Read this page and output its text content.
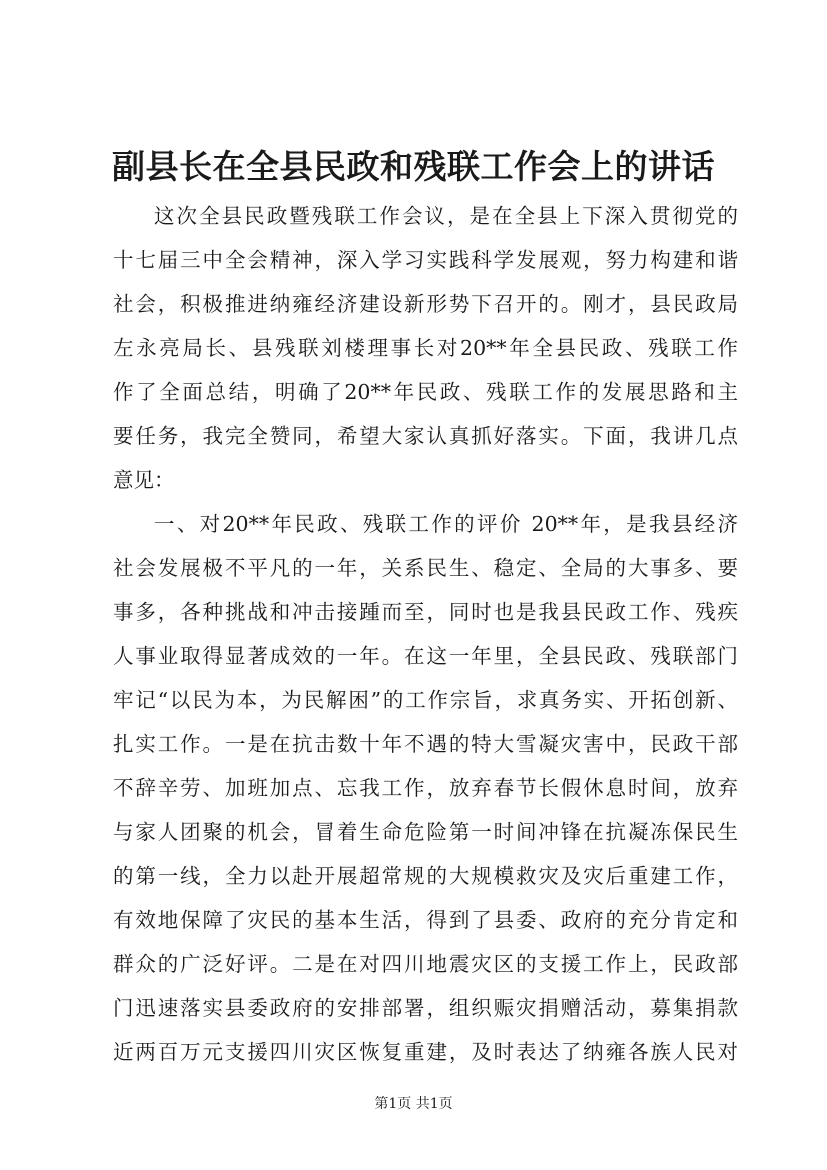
副县长在全县民政和残联工作会上的讲话
这次全县民政暨残联工作会议，是在全县上下深入贯彻党的
十七届三中全会精神，深入学习实践科学发展观，努力构建和谐
社会，积极推进纳雍经济建设新形势下召开的。刚才，县民政局
左永亮局长、县残联刘楼理事长对20**年全县民政、残联工作
作了全面总结，明确了20**年民政、残联工作的发展思路和主
要任务，我完全赞同，希望大家认真抓好落实。下面，我讲几点
意见：
一、对20**年民政、残联工作的评价 20**年，是我县经济
社会发展极不平凡的一年，关系民生、稳定、全局的大事多、要
事多，各种挑战和冲击接踵而至，同时也是我县民政工作、残疾
人事业取得显著成效的一年。在这一年里，全县民政、残联部门
牢记“以民为本，为民解困”的工作宗旨，求真务实、开拓创新、
扎实工作。一是在抗击数十年不遇的特大雪凝灾害中，民政干部
不辞辛劳、加班加点、忘我工作，放弃春节长假休息时间，放弃
与家人团聚的机会，冒着生命危险第一时间冲锋在抗凝冻保民生
的第一线，全力以赴开展超常规的大规模救灾及灾后重建工作，
有效地保障了灾民的基本生活，得到了县委、政府的充分肯定和
群众的广泛好评。二是在对四川地震灾区的支援工作上，民政部
门迅速落实县委政府的安排部署，组织赈灾捐赠活动，募集捐款
近两百万元支援四川灾区恢复重建，及时表达了纳雍各族人民对
第1页 共1页
